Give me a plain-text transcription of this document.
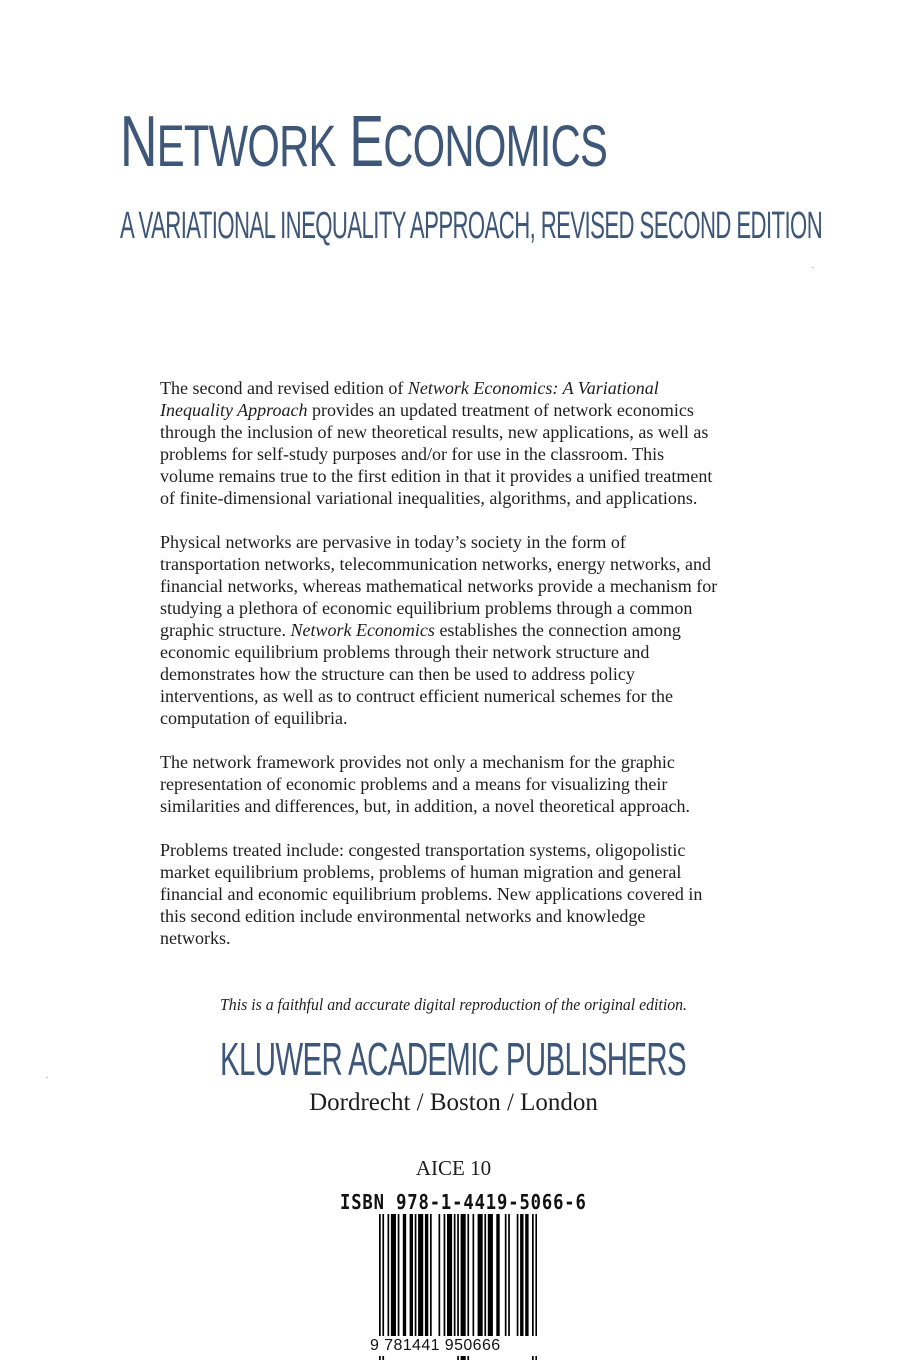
NETWORK ECONOMICS
A VARIATIONAL INEQUALITY APPROACH, REVISED SECOND EDITION

The second and revised edition of Network Economics: A Variational Inequality Approach provides an updated treatment of network economics through the inclusion of new theoretical results, new applications, as well as problems for self-study purposes and/or for use in the classroom. This volume remains true to the first edition in that it provides a unified treatment of finite-dimensional variational inequalities, algorithms, and applications.

Physical networks are pervasive in today’s society in the form of transportation networks, telecommunication networks, energy networks, and financial networks, whereas mathematical networks provide a mechanism for studying a plethora of economic equilibrium problems through a common graphic structure. Network Economics establishes the connection among economic equilibrium problems through their network structure and demonstrates how the structure can then be used to address policy interventions, as well as to contruct efficient numerical schemes for the computation of equilibria.

The network framework provides not only a mechanism for the graphic representation of economic problems and a means for visualizing their similarities and differences, but, in addition, a novel theoretical approach.

Problems treated include: congested transportation systems, oligopolistic market equilibrium problems, problems of human migration and general financial and economic equilibrium problems. New applications covered in this second edition include environmental networks and knowledge networks.

This is a faithful and accurate digital reproduction of the original edition.
KLUWER ACADEMIC PUBLISHERS
Dordrecht / Boston / London
AICE 10
ISBN 978-1-4419-5066-6
9 781441 950666
